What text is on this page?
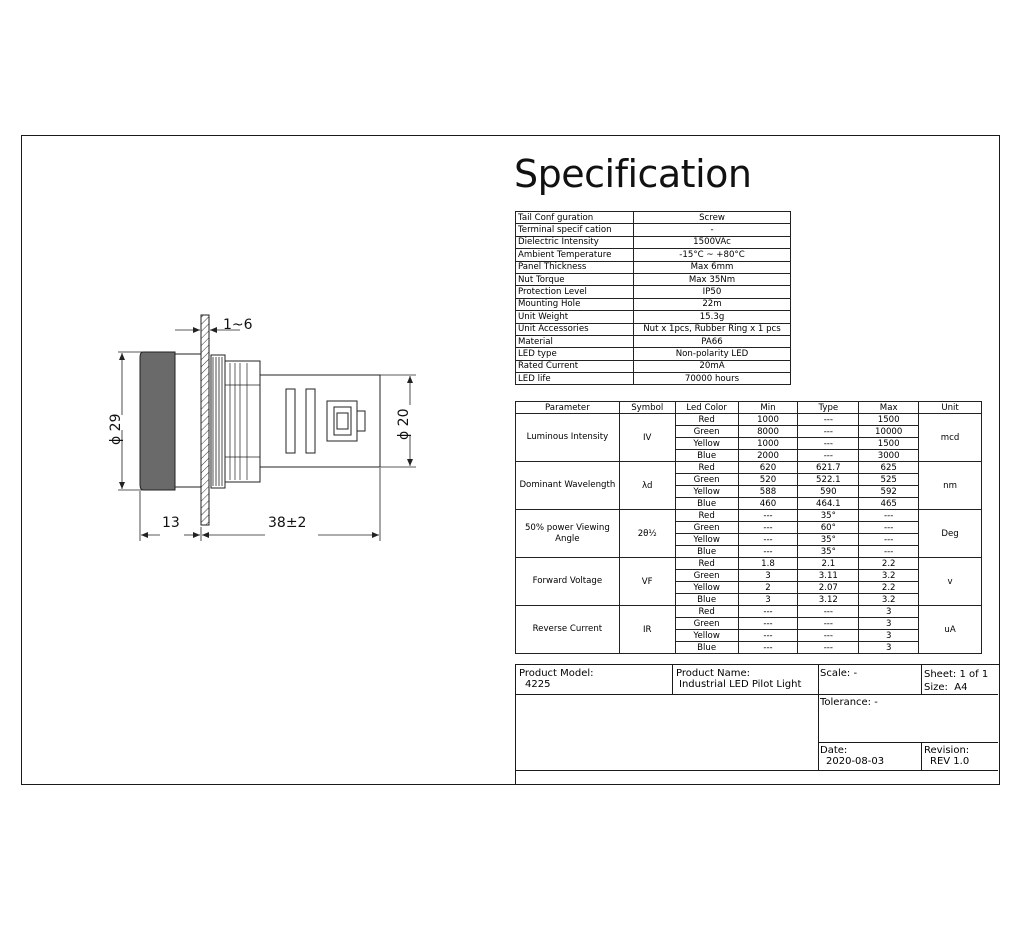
1~6
ϕ 29	ϕ 20
13	38±2
Specification
Tail Conf guration	Screw
Terminal specif cation	-
Dielectric Intensity	1500VAc
Ambient Temperature	-15°C ~ +80°C
Panel Thickness	Max 6mm
Nut Torque	Max 35Nm
Protection Level	IP50
Mounting Hole	22m
Unit Weight	15.3g
Unit Accessories	Nut x 1pcs, Rubber Ring x 1 pcs
Material	PA66
LED type	Non-polarity LED
Rated Current	20mA
LED life	70000 hours
Parameter	Symbol	Led Color	Min	Type	Max	Unit
Luminous Intensity	IV	Red	1000	---	1500	mcd
		Green	8000	---	10000	
		Yellow	1000	---	1500	
		Blue	2000	---	3000	
Dominant Wavelength	λd	Red	620	621.7	625	nm
		Green	520	522.1	525	
		Yellow	588	590	592	
		Blue	460	464.1	465	
50% power Viewing Angle	2θ½	Red	---	35°	---	Deg
		Green	---	60°	---	
		Yellow	---	35°	---	
		Blue	---	35°	---	
Forward Voltage	VF	Red	1.8	2.1	2.2	v
		Green	3	3.11	3.2	
		Yellow	2	2.07	2.2	
		Blue	3	3.12	3.2	
Reverse Current	IR	Red	---	---	3	uA
		Green	---	---	3	
		Yellow	---	---	3	
		Blue	---	---	3	
Product Model:
4225
Product Name:
Industrial LED Pilot Light
Scale: -	Sheet: 1 of 1
Size: A4
Tolerance: -
Date:
2020-08-03
Revision:
REV 1.0
